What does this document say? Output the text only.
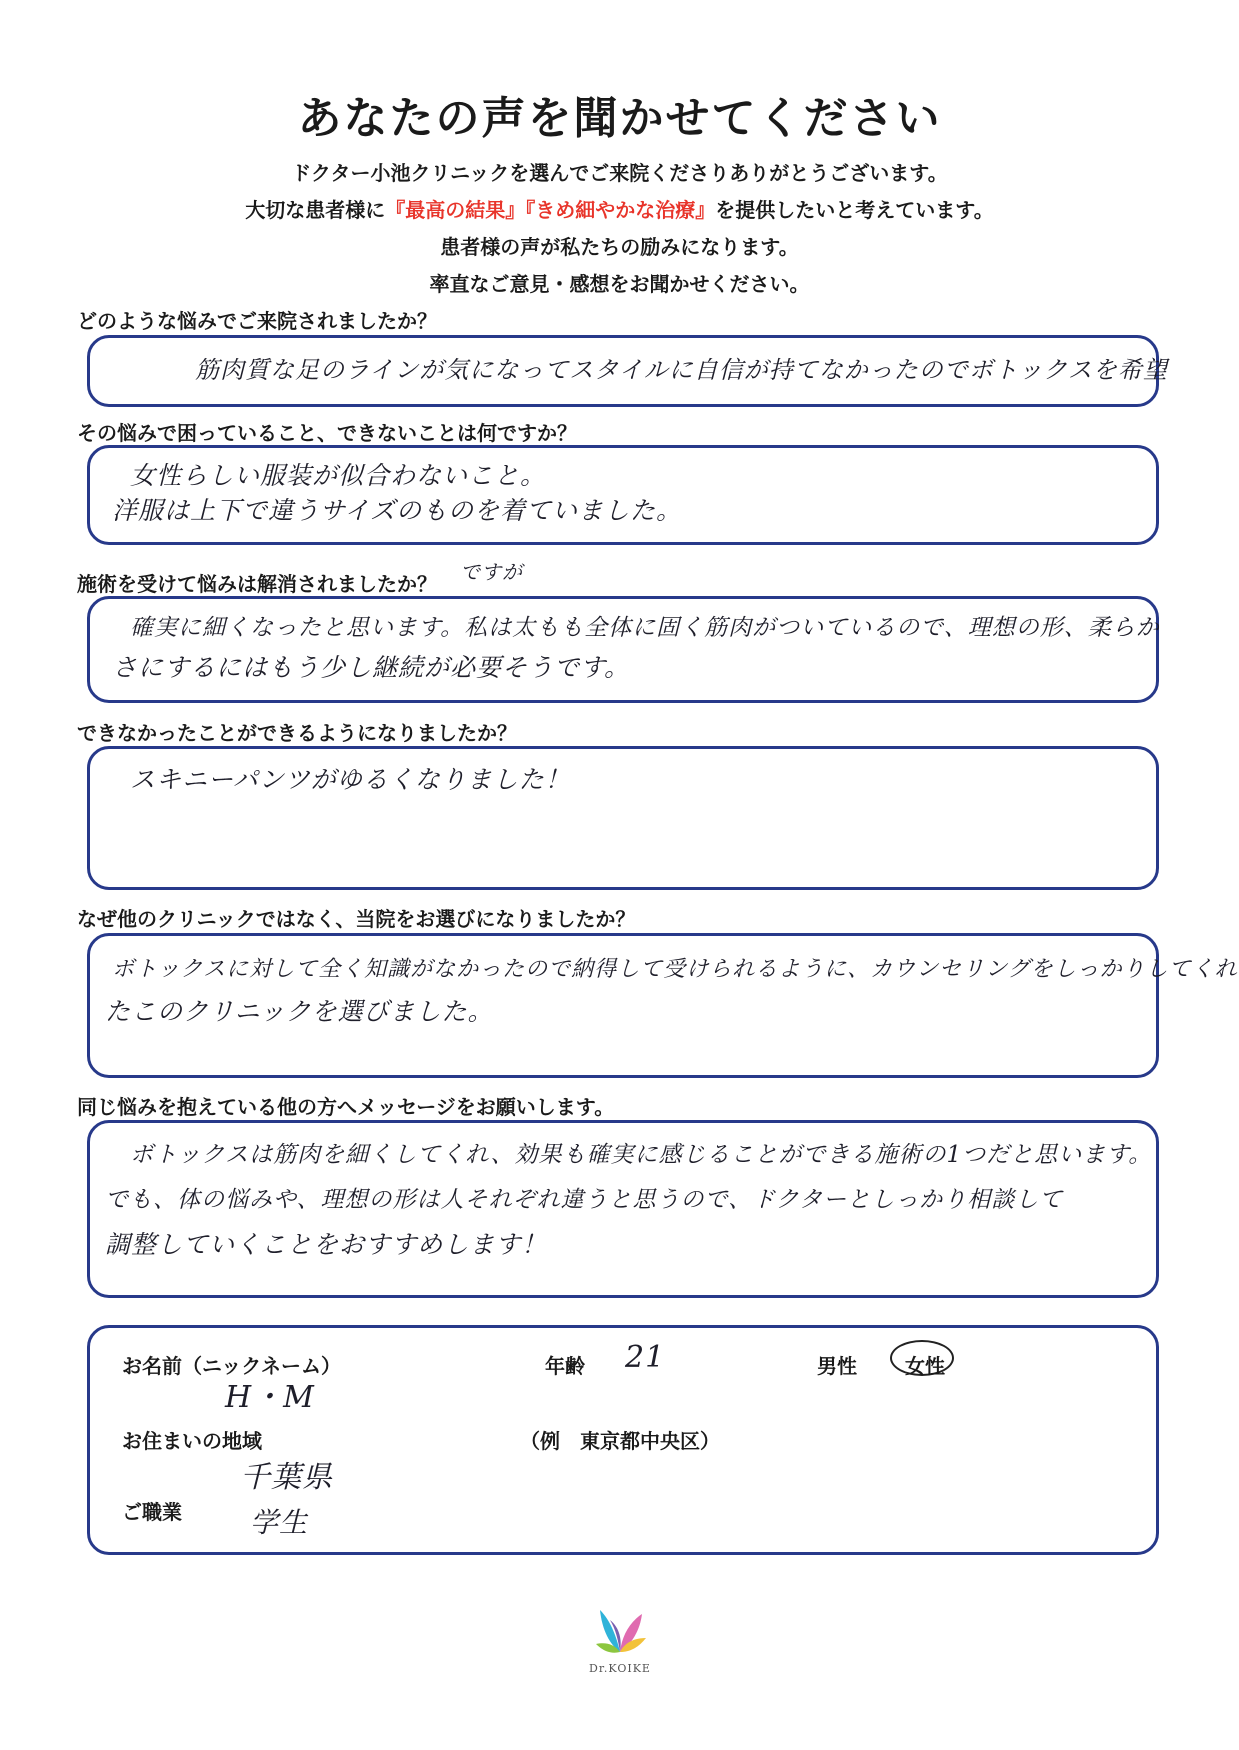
あなたの声を聞かせてください
ドクター小池クリニックを選んでご来院くださりありがとうございます。
大切な患者様に『最高の結果』『きめ細やかな治療』を提供したいと考えています。
患者様の声が私たちの励みになります。
率直なご意見・感想をお聞かせください。
どのような悩みでご来院されましたか？
筋肉質な足のラインが気になってスタイルに自信が持てなかったのでボトックスを希望
その悩みで困っていること、できないことは何ですか？
女性らしい服装が似合わないこと。
洋服は上下で違うサイズのものを着ていました。
施術を受けて悩みは解消されましたか？ ですが
確実に細くなったと思います。私は太もも全体に固く筋肉がついているので、理想の形、柔らか
さにするにはもう少し継続が必要そうです。
できなかったことができるようになりましたか？
スキニーパンツがゆるくなりました！
なぜ他のクリニックではなく、当院をお選びになりましたか？
ボトックスに対して全く知識がなかったので納得して受けられるように、カウンセリングをしっかりしてくれ
たこのクリニックを選びました。
同じ悩みを抱えている他の方へメッセージをお願いします。
ボトックスは筋肉を細くしてくれ、効果も確実に感じることができる施術の1つだと思います。
でも、体の悩みや、理想の形は人それぞれ違うと思うので、ドクターとしっかり相談して
調整していくことをおすすめします！
お名前（ニックネーム）
H・M
年齢 21	男性 女性
お住まいの地域	（例　東京都中央区）
千葉県
ご職業 学生
Dr.KOIKE
